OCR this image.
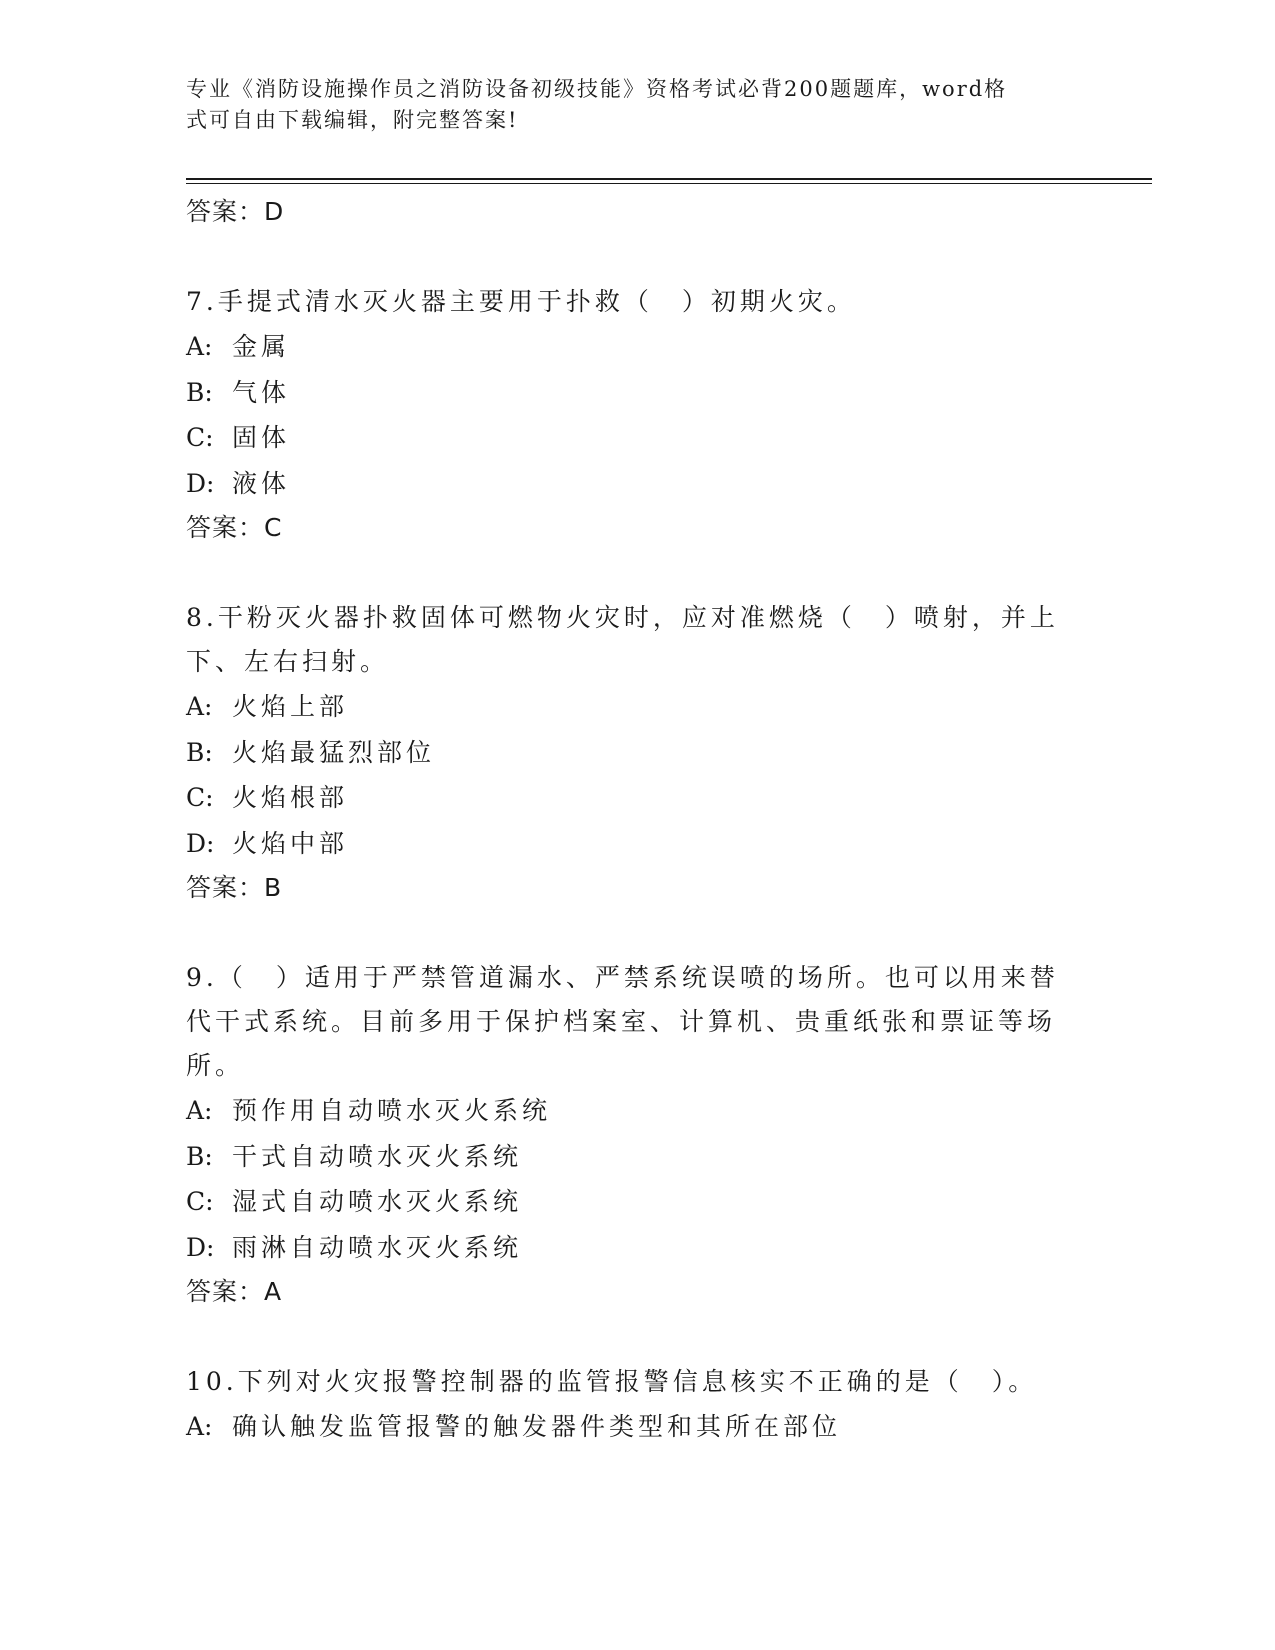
专业《消防设施操作员之消防设备初级技能》资格考试必背200题题库，word格
式可自由下载编辑，附完整答案!
答案：D
7.手提式清水灭火器主要用于扑救（　）初期火灾。
A: 金属
B: 气体
C: 固体
D: 液体
答案：C
8.干粉灭火器扑救固体可燃物火灾时，应对准燃烧（　）喷射，并上下、左右扫射。
A: 火焰上部
B: 火焰最猛烈部位
C: 火焰根部
D: 火焰中部
答案：B
9.（　）适用于严禁管道漏水、严禁系统误喷的场所。也可以用来替代干式系统。目前多用于保护档案室、计算机、贵重纸张和票证等场所。
A: 预作用自动喷水灭火系统
B: 干式自动喷水灭火系统
C: 湿式自动喷水灭火系统
D: 雨淋自动喷水灭火系统
答案：A
10.下列对火灾报警控制器的监管报警信息核实不正确的是（　）。
A: 确认触发监管报警的触发器件类型和其所在部位
